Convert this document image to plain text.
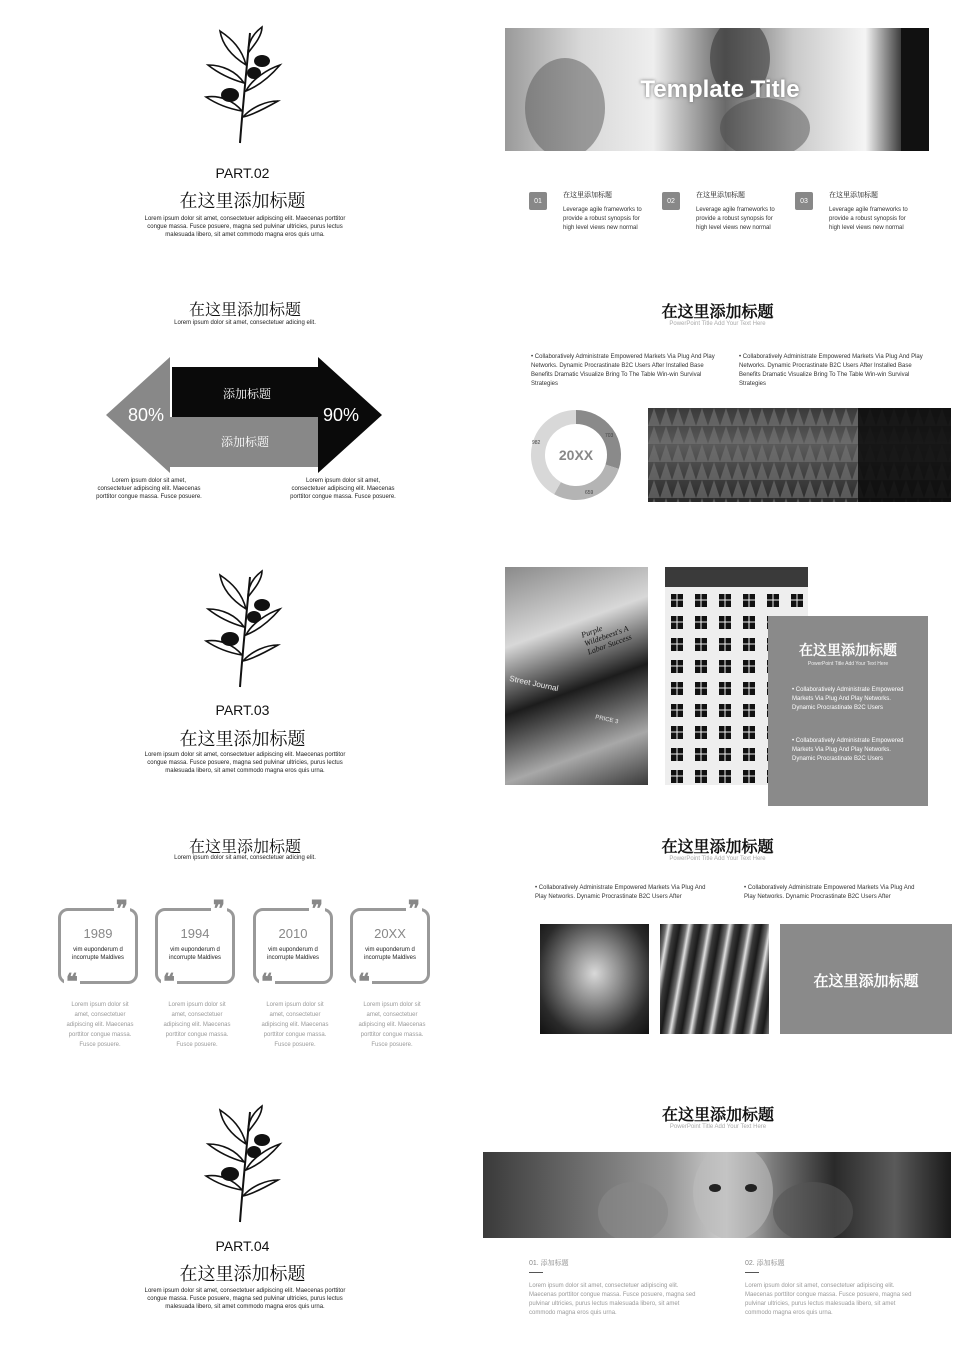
PART.02
在这里添加标题
Lorem ipsum dolor sit amet, consectetuer adipiscing elit. Maecenas porttitor congue massa. Fusce posuere, magna sed pulvinar ultricies, purus lectus malesuada libero, sit amet commodo magna eros quis urna.
Template Title
01
在这里添加标题
Leverage agile frameworks to provide a robust synopsis for high level views new normal
02
在这里添加标题
Leverage agile frameworks to provide a robust synopsis for high level views new normal
03
在这里添加标题
Leverage agile frameworks to provide a robust synopsis for high level views new normal
在这里添加标题
Lorem ipsum dolor sit amet, consectetuer adicing elit.
80%	90%
添加标题
添加标题
Lorem ipsum dolor sit amet, consectetuer adipiscing elit. Maecenas porttitor congue massa. Fusce posuere.
Lorem ipsum dolor sit amet, consectetuer adipiscing elit. Maecenas porttitor congue massa. Fusce posuere.
在这里添加标题
PowerPoint Title Add Your Text Here
• Collaboratively Administrate Empowered Markets Via Plug And Play Networks. Dynamic Procrastinate B2C Users After Installed Base Benefits Dramatic Visualize Bring To The Table Win-win Survival Strategies
• Collaboratively Administrate Empowered Markets Via Plug And Play Networks. Dynamic Procrastinate B2C Users After Installed Base Benefits Dramatic Visualize Bring To The Table Win-win Survival Strategies
20XX
982
703
659
PART.03
在这里添加标题
Lorem ipsum dolor sit amet, consectetuer adipiscing elit. Maecenas porttitor congue massa. Fusce posuere, magna sed pulvinar ultricies, purus lectus malesuada libero, sit amet commodo magna eros quis urna.
Purple Wildebeest's A Labor Success
Street Journal
PRICE 3
在这里添加标题
PowerPoint Title Add Your Text Here
• Collaboratively Administrate Empowered Markets Via Plug And Play Networks. Dynamic Procrastinate B2C Users
• Collaboratively Administrate Empowered Markets Via Plug And Play Networks. Dynamic Procrastinate B2C Users
在这里添加标题
Lorem ipsum dolor sit amet, consectetuer adicing elit.
❞
❝
1989
vim euponderum d incorrupte Maldives
Lorem ipsum dolor sit amet, consectetuer adipiscing elit. Maecenas porttitor congue massa. Fusce posuere.
❞
❝
1994
vim euponderum d incorrupte Maldives
Lorem ipsum dolor sit amet, consectetuer adipiscing elit. Maecenas porttitor congue massa. Fusce posuere.
❞
❝
2010
vim euponderum d incorrupte Maldives
Lorem ipsum dolor sit amet, consectetuer adipiscing elit. Maecenas porttitor congue massa. Fusce posuere.
❞
❝
20XX
vim euponderum d incorrupte Maldives
Lorem ipsum dolor sit amet, consectetuer adipiscing elit. Maecenas porttitor congue massa. Fusce posuere.
在这里添加标题
PowerPoint Title Add Your Text Here
• Collaboratively Administrate Empowered Markets Via Plug And Play Networks. Dynamic Procrastinate B2C Users After
• Collaboratively Administrate Empowered Markets Via Plug And Play Networks. Dynamic Procrastinate B2C Users After
在这里添加标题
PART.04
在这里添加标题
Lorem ipsum dolor sit amet, consectetuer adipiscing elit. Maecenas porttitor congue massa. Fusce posuere, magna sed pulvinar ultricies, purus lectus malesuada libero, sit amet commodo magna eros quis urna.
在这里添加标题
PowerPoint Title Add Your Text Here
01. 添加标题
Lorem ipsum dolor sit amet, consectetuer adipiscing elit. Maecenas porttitor congue massa. Fusce posuere, magna sed pulvinar ultricies, purus lectus malesuada libero, sit amet commodo magna eros quis urna.
02. 添加标题
Lorem ipsum dolor sit amet, consectetuer adipiscing elit. Maecenas porttitor congue massa. Fusce posuere, magna sed pulvinar ultricies, purus lectus malesuada libero, sit amet commodo magna eros quis urna.
